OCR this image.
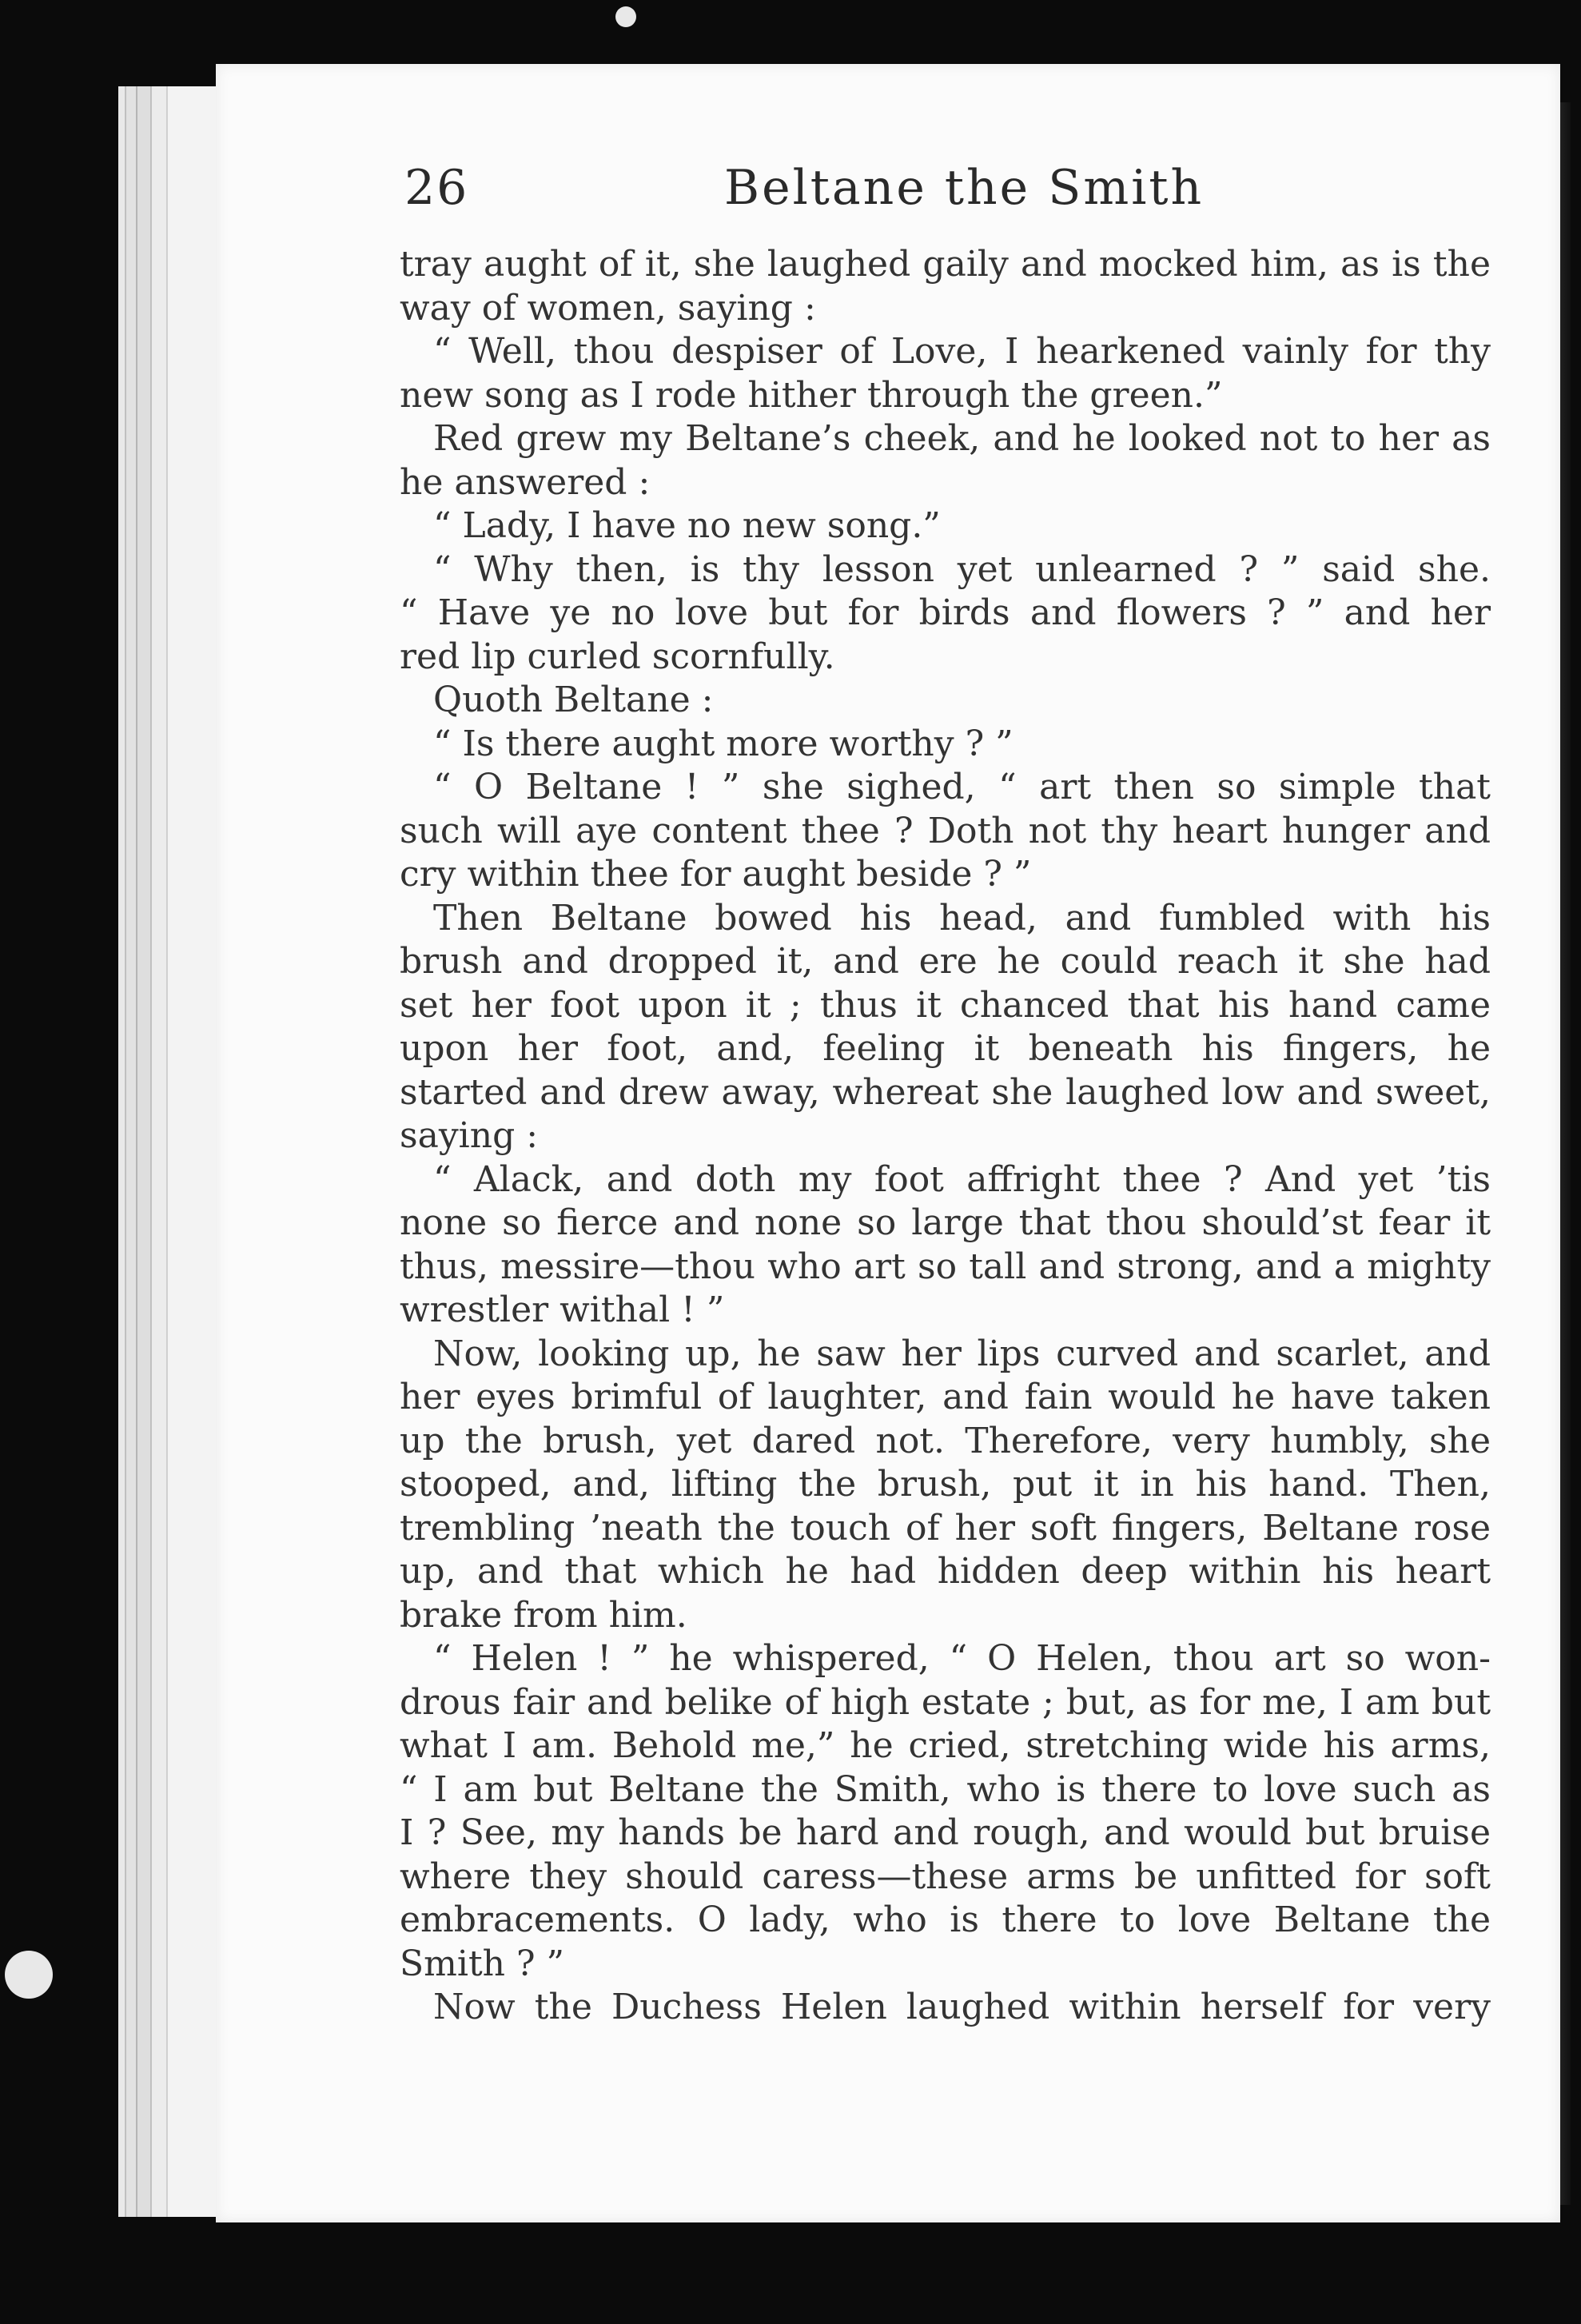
26	Beltane the Smith

tray aught of it, she laughed gaily and mocked him, as is the
way of women, saying :

“ Well, thou despiser of Love, I hearkened vainly for thy
new song as I rode hither through the green.”

Red grew my Beltane’s cheek, and he looked not to her as
he answered :

“ Lady, I have no new song.”

“ Why then, is thy lesson yet unlearned ? ” said she.
“ Have ye no love but for birds and flowers ? ” and her
red lip curled scornfully.

Quoth Beltane :

“ Is there aught more worthy ? ”

“ O Beltane ! ” she sighed, “ art then so simple that
such will aye content thee ? Doth not thy heart hunger and
cry within thee for aught beside ? ”

Then Beltane bowed his head, and fumbled with his
brush and dropped it, and ere he could reach it she had
set her foot upon it ; thus it chanced that his hand came
upon her foot, and, feeling it beneath his fingers, he
started and drew away, whereat she laughed low and sweet,
saying :

“ Alack, and doth my foot affright thee ? And yet ’tis
none so fierce and none so large that thou should’st fear it
thus, messire—thou who art so tall and strong, and a mighty
wrestler withal ! ”

Now, looking up, he saw her lips curved and scarlet, and
her eyes brimful of laughter, and fain would he have taken
up the brush, yet dared not. Therefore, very humbly, she
stooped, and, lifting the brush, put it in his hand. Then,
trembling ’neath the touch of her soft fingers, Beltane rose
up, and that which he had hidden deep within his heart
brake from him.

“ Helen ! ” he whispered, “ O Helen, thou art so won-
drous fair and belike of high estate ; but, as for me, I am but
what I am. Behold me,” he cried, stretching wide his arms,
“ I am but Beltane the Smith, who is there to love such as
I ? See, my hands be hard and rough, and would but bruise
where they should caress—these arms be unfitted for soft
embracements. O lady, who is there to love Beltane the
Smith ? ”

Now the Duchess Helen laughed within herself for very
